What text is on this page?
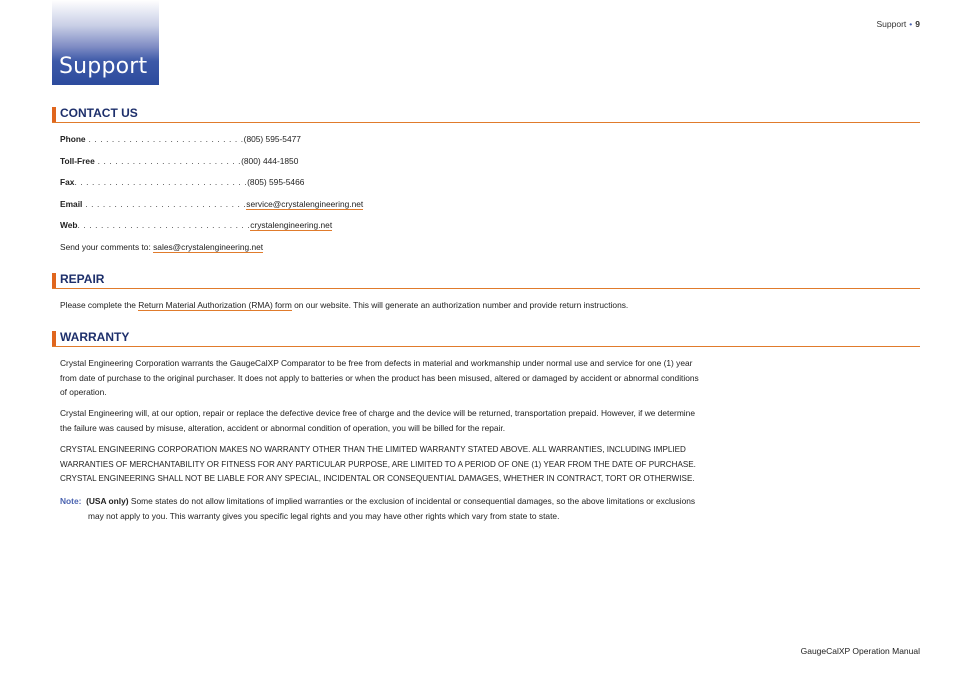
Support
Support • 9
CONTACT US
Phone . . . . . . . . . . . . . . . . . . . . . . . . . . .(805) 595-5477
Toll-Free . . . . . . . . . . . . . . . . . . . . . . . . .(800) 444-1850
Fax. . . . . . . . . . . . . . . . . . . . . . . . . . . . . .(805) 595-5466
Email . . . . . . . . . . . . . . . . . . . . . . . . . . . .service@crystalengineering.net
Web. . . . . . . . . . . . . . . . . . . . . . . . . . . . . .crystalengineering.net
Send your comments to: sales@crystalengineering.net
REPAIR
Please complete the Return Material Authorization (RMA) form on our website. This will generate an authorization number and provide return instructions.
WARRANTY
Crystal Engineering Corporation warrants the GaugeCalXP Comparator to be free from defects in material and workmanship under normal use and service for one (1) year from date of purchase to the original purchaser. It does not apply to batteries or when the product has been misused, altered or damaged by accident or abnormal conditions of operation.
Crystal Engineering will, at our option, repair or replace the defective device free of charge and the device will be returned, transportation prepaid. However, if we determine the failure was caused by misuse, alteration, accident or abnormal condition of operation, you will be billed for the repair.
CRYSTAL ENGINEERING CORPORATION MAKES NO WARRANTY OTHER THAN THE LIMITED WARRANTY STATED ABOVE. ALL WARRANTIES, INCLUDING IMPLIED WARRANTIES OF MERCHANTABILITY OR FITNESS FOR ANY PARTICULAR PURPOSE, ARE LIMITED TO A PERIOD OF ONE (1) YEAR FROM THE DATE OF PURCHASE. CRYSTAL ENGINEERING SHALL NOT BE LIABLE FOR ANY SPECIAL, INCIDENTAL OR CONSEQUENTIAL DAMAGES, WHETHER IN CONTRACT, TORT OR OTHERWISE.
Note: (USA only) Some states do not allow limitations of implied warranties or the exclusion of incidental or consequential damages, so the above limitations or exclusions may not apply to you. This warranty gives you specific legal rights and you may have other rights which vary from state to state.
GaugeCalXP Operation Manual
